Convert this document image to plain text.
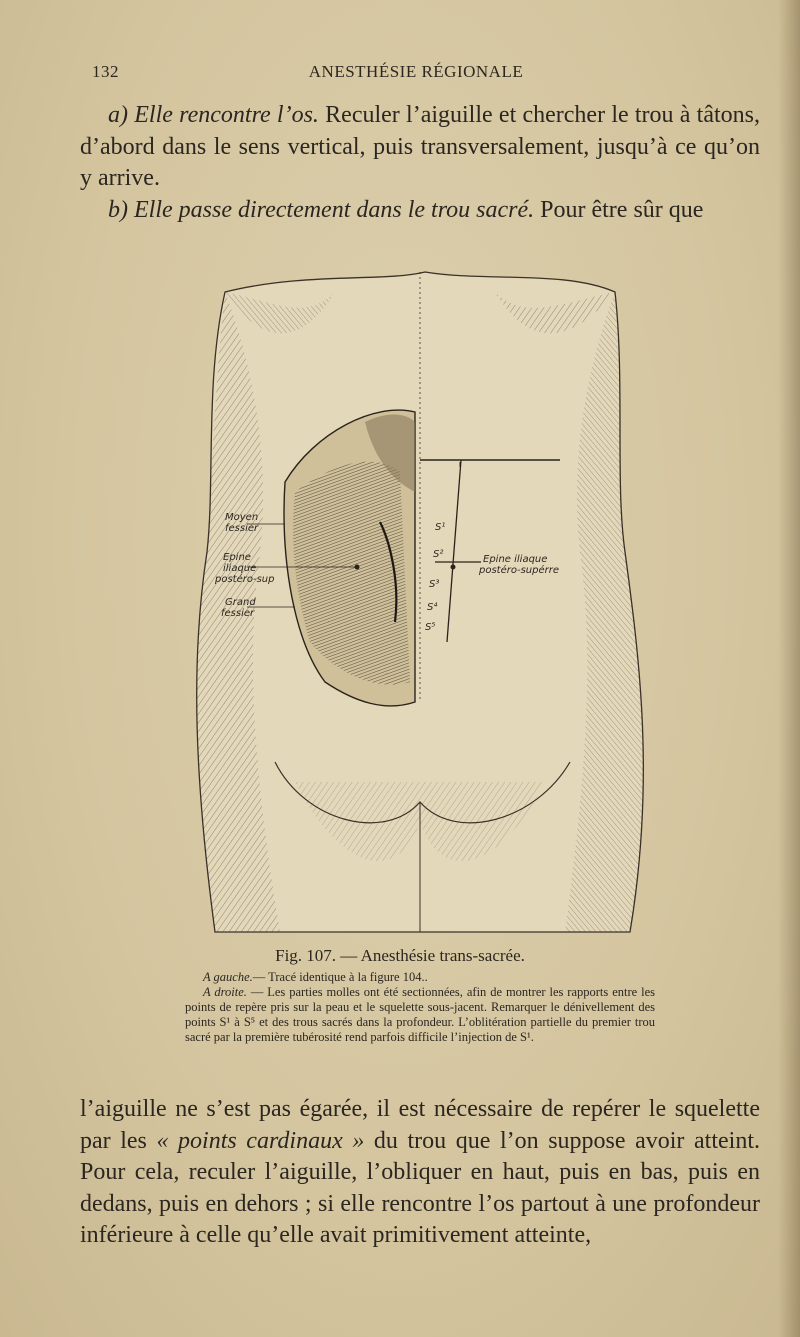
132	ANESTHÉSIE RÉGIONALE

a) Elle rencontre l’os. Reculer l’aiguille et chercher le trou à tâtons, d’abord dans le sens vertical, puis transversalement, jusqu’à ce qu’on y arrive.

b) Elle passe directement dans le trou sacré. Pour être sûr que

Moyen
fessier
Epine
iliaque
postéro-sup
Grand
fessier
Epine iliaque
postéro-supérre
S¹
S²
S³
S⁴
S⁵
Fig. 107. — Anesthésie trans-sacrée.

A gauche.— Tracé identique à la figure 104..

A droite. — Les parties molles ont été sectionnées, afin de montrer les rapports entre les points de repère pris sur la peau et le squelette sous-jacent. Remarquer le dénivellement des points S¹ à S⁵ et des trous sacrés dans la profondeur. L’oblitération partielle du premier trou sacré par la première tubérosité rend parfois difficile l’injection de S¹.

l’aiguille ne s’est pas égarée, il est nécessaire de repérer le squelette par les « points cardinaux » du trou que l’on suppose avoir atteint. Pour cela, reculer l’aiguille, l’obliquer en haut, puis en bas, puis en dedans, puis en dehors ; si elle rencontre l’os partout à une profondeur inférieure à celle qu’elle avait primitivement atteinte,
